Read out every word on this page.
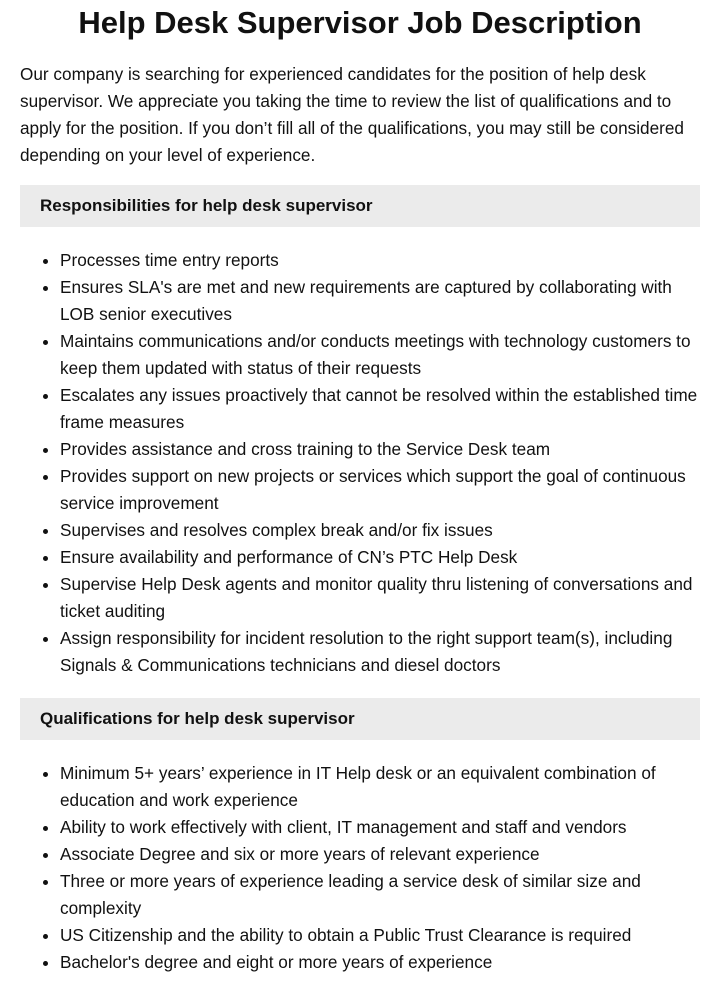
Help Desk Supervisor Job Description

Our company is searching for experienced candidates for the position of help desk supervisor. We appreciate you taking the time to review the list of qualifications and to apply for the position. If you don’t fill all of the qualifications, you may still be considered depending on your level of experience.

Responsibilities for help desk supervisor
• Processes time entry reports
• Ensures SLA's are met and new requirements are captured by collaborating with LOB senior executives
• Maintains communications and/or conducts meetings with technology customers to keep them updated with status of their requests
• Escalates any issues proactively that cannot be resolved within the established time frame measures
• Provides assistance and cross training to the Service Desk team
• Provides support on new projects or services which support the goal of continuous service improvement
• Supervises and resolves complex break and/or fix issues
• Ensure availability and performance of CN’s PTC Help Desk
• Supervise Help Desk agents and monitor quality thru listening of conversations and ticket auditing
• Assign responsibility for incident resolution to the right support team(s), including Signals & Communications technicians and diesel doctors
Qualifications for help desk supervisor
• Minimum 5+ years’ experience in IT Help desk or an equivalent combination of education and work experience
• Ability to work effectively with client, IT management and staff and vendors
• Associate Degree and six or more years of relevant experience
• Three or more years of experience leading a service desk of similar size and complexity
• US Citizenship and the ability to obtain a Public Trust Clearance is required
• Bachelor's degree and eight or more years of experience
